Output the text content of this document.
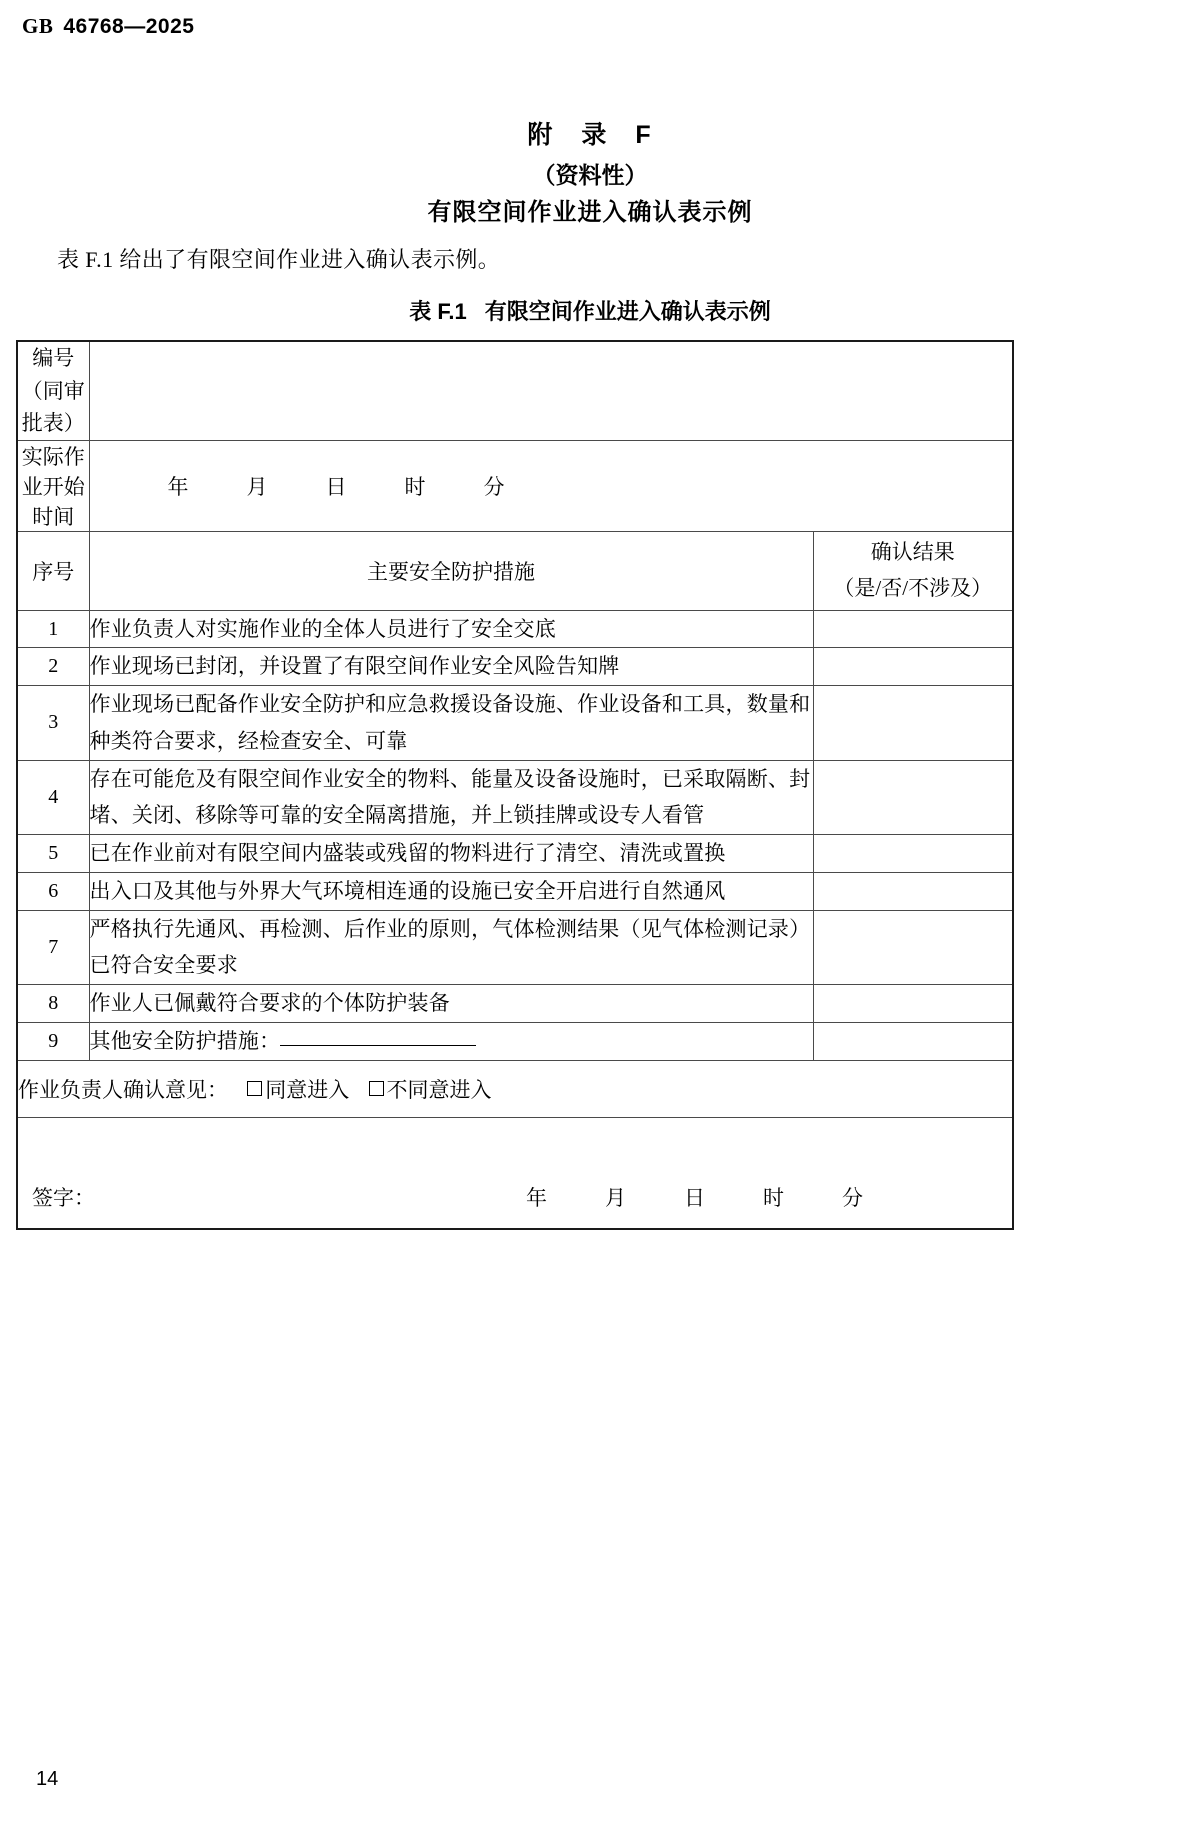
GB 46768—2025
附　录　F
（资料性）
有限空间作业进入确认表示例
表 F.1 给出了有限空间作业进入确认表示例。
表 F.1 有限空间作业进入确认表示例
编号
（同审批表）		

实际作业开始时间	年 月 日 时 分	

序号	主要安全防护措施	确认结果
（是/否/不涉及）
1	作业负责人对实施作业的全体人员进行了安全交底	
2	作业现场已封闭，并设置了有限空间作业安全风险告知牌	
3	作业现场已配备作业安全防护和应急救援设备设施、作业设备和工具，数量和种类符合要求，经检查安全、可靠	
4	存在可能危及有限空间作业安全的物料、能量及设备设施时，已采取隔断、封堵、关闭、移除等可靠的安全隔离措施，并上锁挂牌或设专人看管	
5	已在作业前对有限空间内盛装或残留的物料进行了清空、清洗或置换	
6	出入口及其他与外界大气环境相连通的设施已安全开启进行自然通风	
7	严格执行先通风、再检测、后作业的原则，气体检测结果（见气体检测记录）已符合安全要求	
8	作业人已佩戴符合要求的个体防护装备	
9	其他安全防护措施：	
作业负责人确认意见： 同意进入 不同意进入		

签字： 年 月 日 时 分		
14
